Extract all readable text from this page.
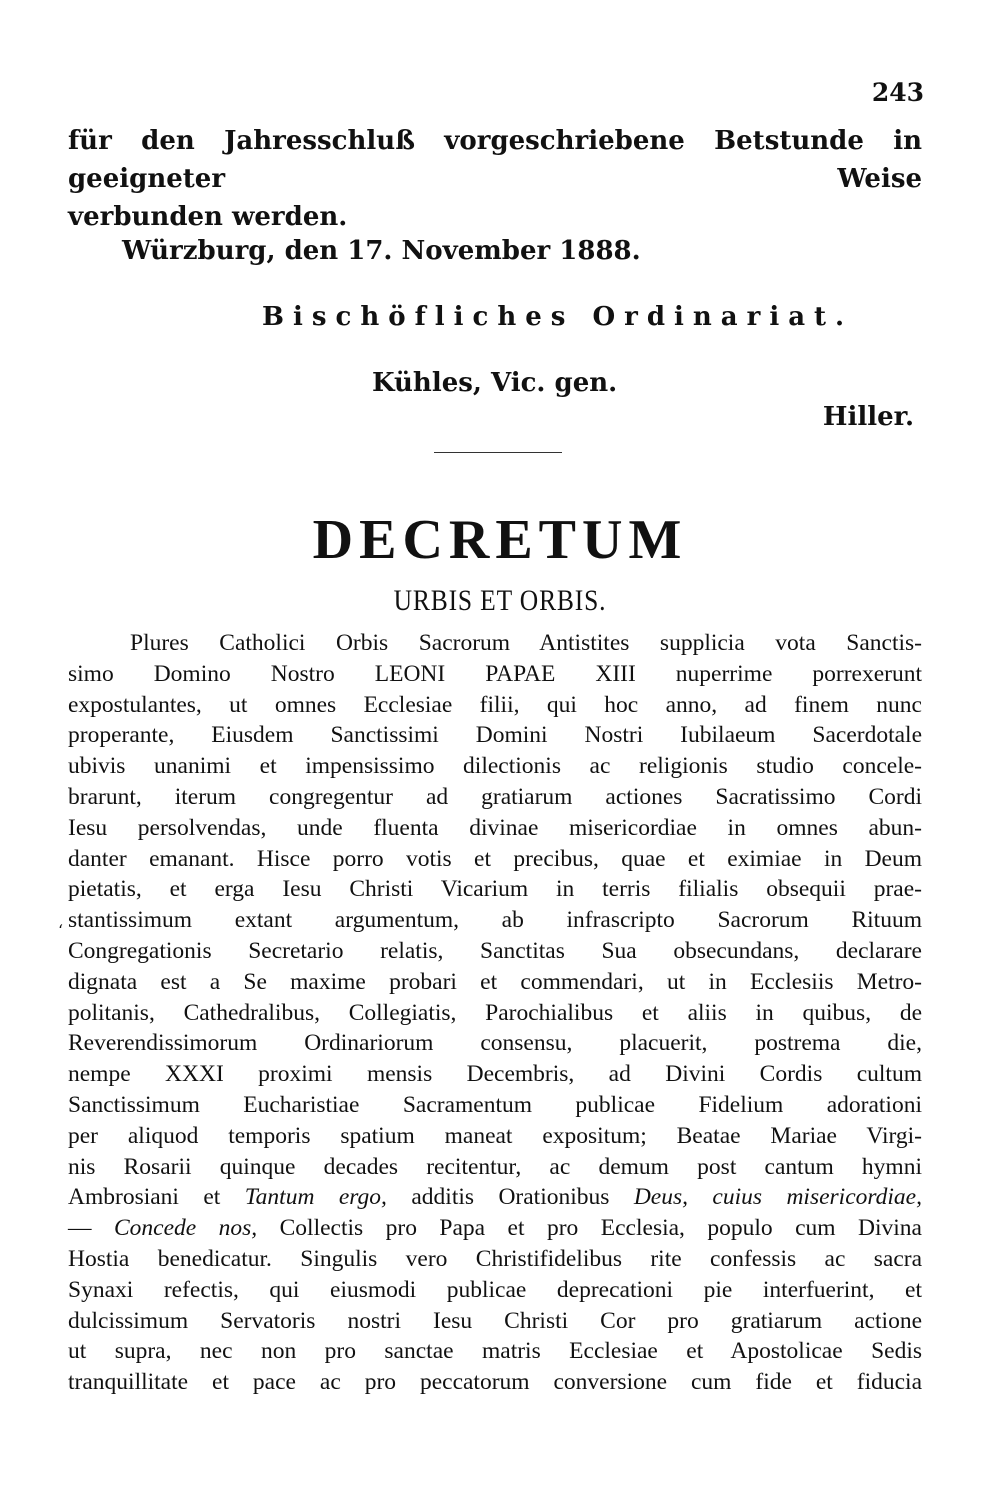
243
für den Jahresschluß vorgeschriebene Betstunde in geeigneter Weise
verbunden werden.
Würzburg, den 17. November 1888.
Bischöfliches Ordinariat.
Kühles, Vic. gen.
Hiller.
DECRETUM
URBIS ET ORBIS.
‘
Plures Catholici Orbis Sacrorum Antistites supplicia vota Sanctis-
simo Domino Nostro LEONI PAPAE XIII nuperrime porrexerunt
expostulantes, ut omnes Ecclesiae filii, qui hoc anno, ad finem nunc
properante, Eiusdem Sanctissimi Domini Nostri Iubilaeum Sacerdotale
ubivis unanimi et impensissimo dilectionis ac religionis studio concele-
brarunt, iterum congregentur ad gratiarum actiones Sacratissimo Cordi
Iesu persolvendas, unde fluenta divinae misericordiae in omnes abun-
danter emanant. Hisce porro votis et precibus, quae et eximiae in Deum
pietatis, et erga Iesu Christi Vicarium in terris filialis obsequii prae-
stantissimum extant argumentum, ab infrascripto Sacrorum Rituum
Congregationis Secretario relatis, Sanctitas Sua obsecundans, declarare
dignata est a Se maxime probari et commendari, ut in Ecclesiis Metro-
politanis, Cathedralibus, Collegiatis, Parochialibus et aliis in quibus, de
Reverendissimorum Ordinariorum consensu, placuerit, postrema die,
nempe XXXI proximi mensis Decembris, ad Divini Cordis cultum
Sanctissimum Eucharistiae Sacramentum publicae Fidelium adorationi
per aliquod temporis spatium maneat expositum; Beatae Mariae Virgi-
nis Rosarii quinque decades recitentur, ac demum post cantum hymni
Ambrosiani et Tantum ergo, additis Orationibus Deus, cuius misericordiae,
— Concede nos, Collectis pro Papa et pro Ecclesia, populo cum Divina
Hostia benedicatur. Singulis vero Christifidelibus rite confessis ac sacra
Synaxi refectis, qui eiusmodi publicae deprecationi pie interfuerint, et
dulcissimum Servatoris nostri Iesu Christi Cor pro gratiarum actione
ut supra, nec non pro sanctae matris Ecclesiae et Apostolicae Sedis
tranquillitate et pace ac pro peccatorum conversione cum fide et fiducia
